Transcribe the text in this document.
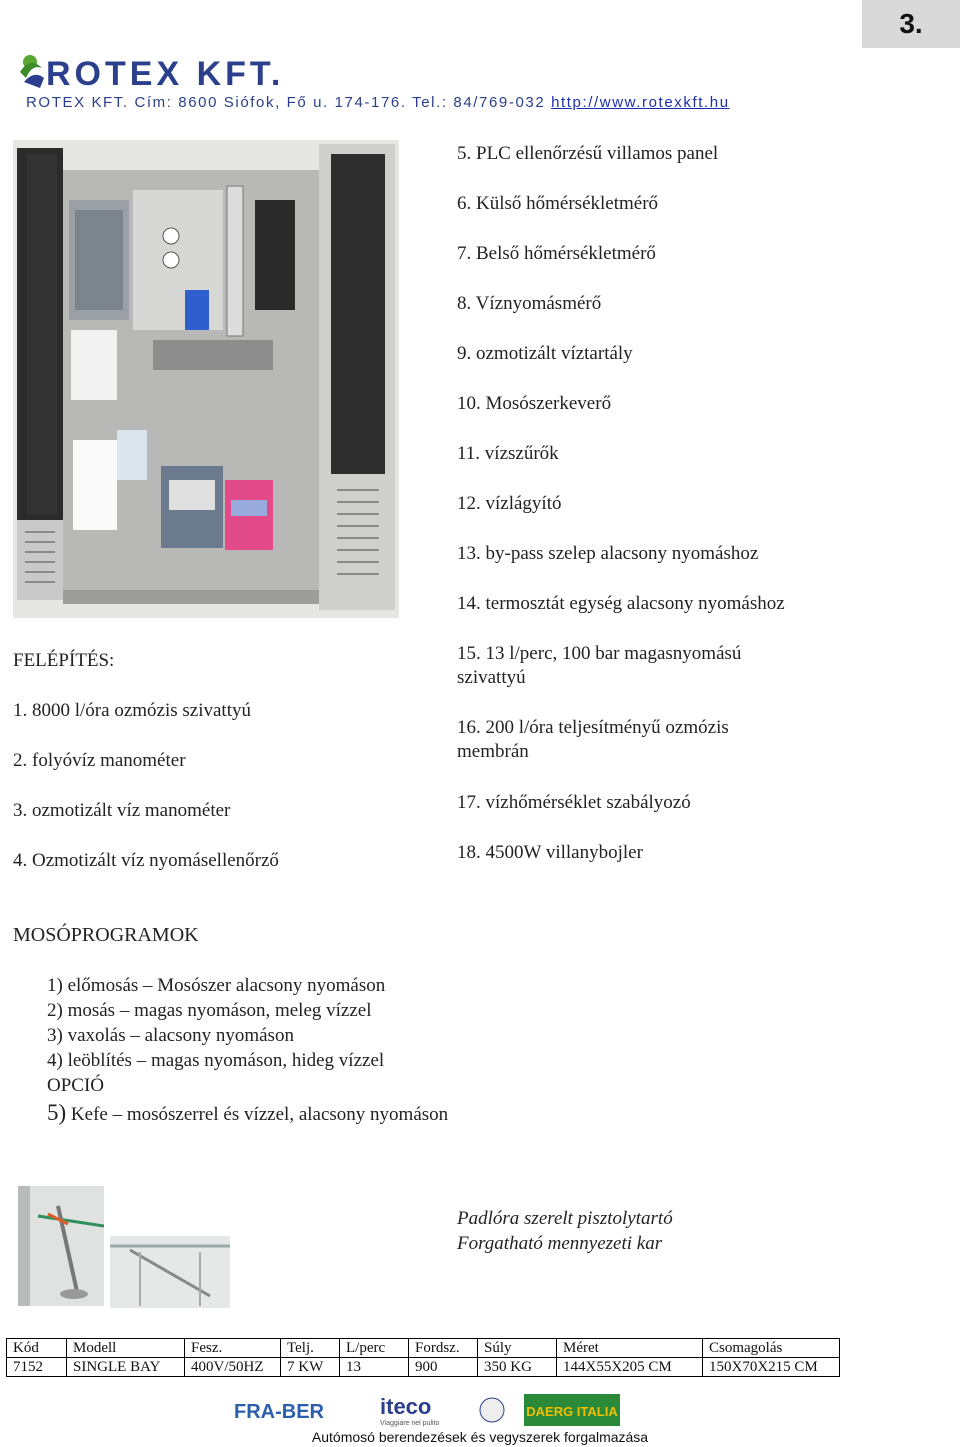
3.
ROTEX KFT.
ROTEX KFT. Cím: 8600 Siófok, Fő u. 174-176. Tel.: 84/769-032 http://www.rotexkft.hu
5. PLC ellenőrzésű villamos panel
6. Külső hőmérsékletmérő
7. Belső hőmérsékletmérő
8. Víznyomásmérő
9. ozmotizált víztartály
10. Mosószerkeverő
11. vízszűrők
12. vízlágyító
13. by-pass szelep alacsony nyomáshoz
14. termosztát egység alacsony nyomáshoz
15. 13 l/perc, 100 bar magasnyomású szivattyú
16. 200 l/óra teljesítményű ozmózis membrán
17. vízhőmérséklet szabályozó
18. 4500W villanybojler
FELÉPÍTÉS:
1. 8000 l/óra ozmózis szivattyú
2. folyóvíz manométer
3. ozmotizált víz manométer
4. Ozmotizált víz nyomásellenőrző
MOSÓPROGRAMOK
1) előmosás – Mosószer alacsony nyomáson
2) mosás – magas nyomáson, meleg vízzel
3) vaxolás – alacsony nyomáson
4) leöblítés – magas nyomáson, hideg vízzel
OPCIÓ
5) Kefe – mosószerrel és vízzel, alacsony nyomáson
Padlóra szerelt pisztolytartó
Forgatható mennyezeti kar
Kód	Modell	Fesz.	Telj.	L/perc	Fordsz.	Súly	Méret	Csomagolás
7152	SINGLE BAY	400V/50HZ	7 KW	13	900	350 KG	144X55X205 CM	150X70X215 CM
FRA-BER	iteco
Viaggiare nel pulito
DAERG ITALIA
Autómosó berendezések és vegyszerek forgalmazása
